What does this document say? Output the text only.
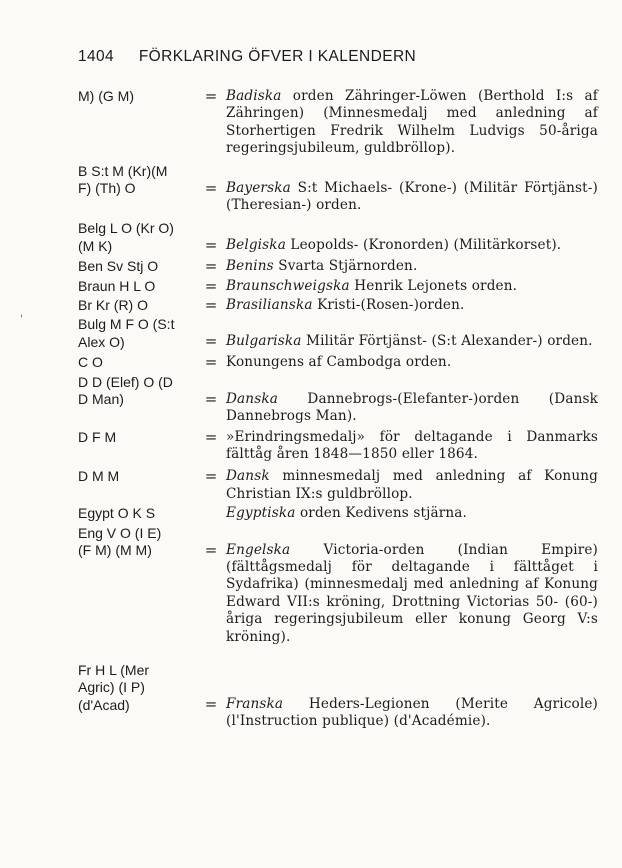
1404 FÖRKLARING ÖFVER I KALENDERN
'
M) (G M)	= Badiska orden Zähringer-Löwen (Berthold I:s af Zähringen) (Minnesmedalj med anledning af Storhertigen Fredrik Wilhelm Ludvigs 50-åriga regeringsjubileum, guldbröllop).
B S:t M (Kr)(M
F) (Th) O	= Bayerska S:t Michaels- (Krone-) (Militär Förtjänst-) (Theresian-) orden.
Belg L O (Kr O)
(M K)	= Belgiska Leopolds- (Kronorden) (Militärkorset).
Ben Sv Stj O	= Benins Svarta Stjärnorden.
Braun H L O	= Braunschweigska Henrik Lejonets orden.
Br Kr (R) O	= Brasilianska Kristi-(Rosen-)orden.
Bulg M F O (S:t
Alex O)	= Bulgariska Militär Förtjänst- (S:t Alexander-) orden.
C O	= Konungens af Cambodga orden.
D D (Elef) O (D
D Man)	= Danska Dannebrogs-(Elefanter-)orden (Dansk Dannebrogs Man).
D F M	= »Erindringsmedalj» för deltagande i Danmarks fälttåg åren 1848—1850 eller 1864.
D M M	= Dansk minnesmedalj med anledning af Konung Christian IX:s guldbröllop.
Egypt O K S	Egyptiska orden Kedivens stjärna.
Eng V O (I E)
(F M) (M M)	= Engelska Victoria-orden (Indian Empire) (fälttågsmedalj för deltagande i fälttåget i Sydafrika) (minnesmedalj med anledning af Konung Edward VII:s kröning, Drottning Victorias 50- (60-) åriga regeringsjubileum eller konung Georg V:s kröning).
Fr H L (Mer
Agric) (I P)
(d'Acad)	= Franska Heders-Legionen (Merite Agricole) (l'Instruction publique) (d'Académie).
